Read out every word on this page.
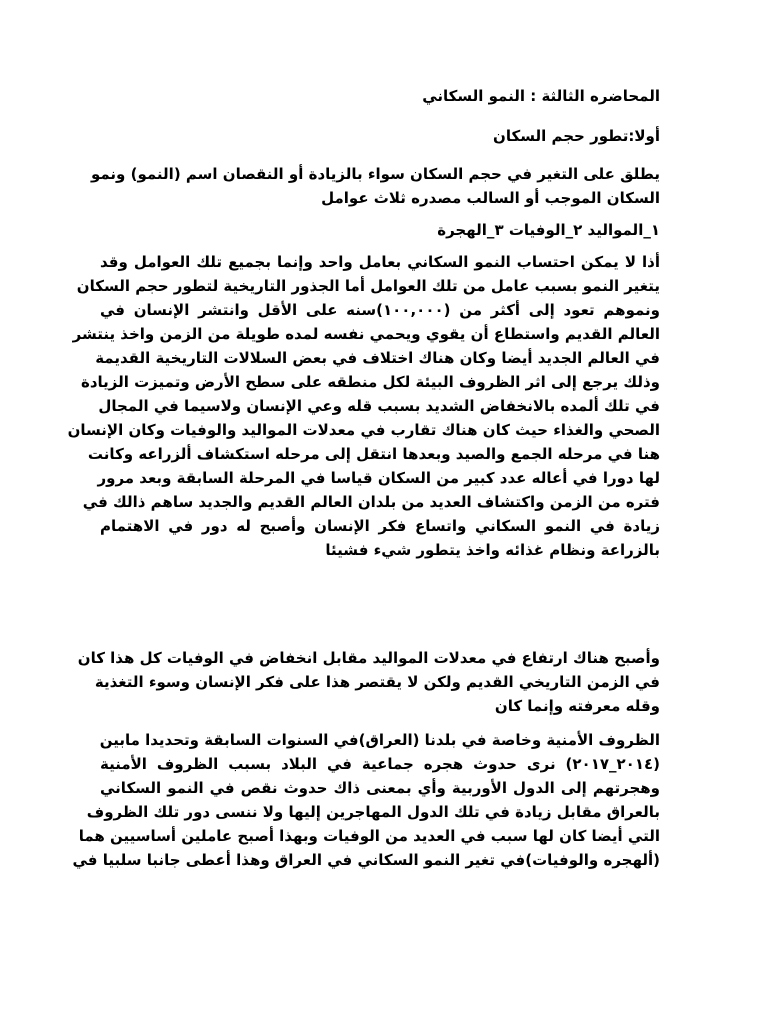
المحاضره الثالثة : النمو السكاني
أولا:تطور حجم السكان
يطلق على التغير في حجم السكان سواء بالزيادة أو النقصان اسم (النمو) ونمو
السكان الموجب أو السالب مصدره ثلاث عوامل
١_المواليد ٢_الوفيات ٣_الهجرة
أذا لا يمكن احتساب النمو السكاني بعامل واحد وإنما بجميع تلك العوامل وقد
يتغير النمو بسبب عامل من تلك العوامل أما الجذور التاريخية لتطور حجم السكان
ونموهم تعود إلى أكثر من (١٠٠,٠٠٠)سنه على الأقل وانتشر الإنسان في
العالم القديم واستطاع أن يقوي ويحمي نفسه لمده طويلة من الزمن واخذ ينتشر
في العالم الجديد أيضا وكان هناك اختلاف في بعض السلالات التاريخية القديمة
وذلك يرجع إلى اثر الظروف البيئة لكل منطقه على سطح الأرض وتميزت الزيادة
في تلك ألمده بالانخفاض الشديد بسبب قله وعي الإنسان ولاسيما في المجال
الصحي والغذاء حيث كان هناك تقارب في معدلات المواليد والوفيات وكان الإنسان
هنا في مرحله الجمع والصيد وبعدها انتقل إلى مرحله استكشاف ألزراعه وكانت
لها دورا في أعاله عدد كبير من السكان قياسا في المرحلة السابقة وبعد مرور
فتره من الزمن واكتشاف العديد من بلدان العالم القديم والجديد ساهم ذالك في
زيادة في النمو السكاني واتساع فكر الإنسان وأصبح له دور في الاهتمام
بالزراعة ونظام غذائه واخذ يتطور شيء فشيئا
وأصبح هناك ارتفاع في معدلات المواليد مقابل انخفاض في الوفيات كل هذا كان
في الزمن التاريخي القديم ولكن لا يقتصر هذا على فكر الإنسان وسوء التغذية
وقله معرفته وإنما كان
الظروف الأمنية وخاصة في بلدنا (العراق)في السنوات السابقة وتحديدا مابين
(٢٠١٤_٢٠١٧) نرى حدوث هجره جماعية في البلاد بسبب الظروف الأمنية
وهجرتهم إلى الدول الأوربية وأي بمعنى ذاك حدوث نقص في النمو السكاني
بالعراق مقابل زيادة في تلك الدول المهاجرين إليها ولا ننسى دور تلك الظروف
التي أيضا كان لها سبب في العديد من الوفيات وبهذا أصبح عاملين أساسيين هما
(ألهجره والوفيات)في تغير النمو السكاني في العراق وهذا أعطى جانبا سلبيا في
